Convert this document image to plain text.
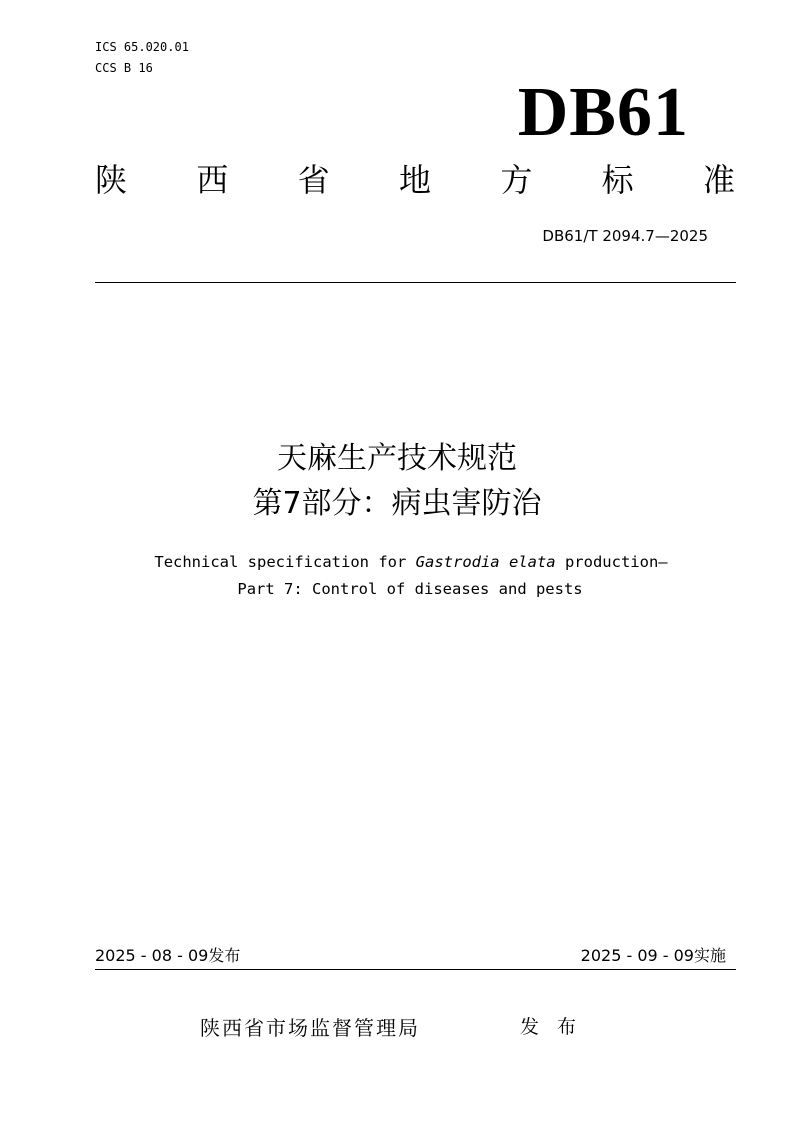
ICS 65.020.01
CCS B 16
DB61
陕 西 省 地 方 标 准
DB61/T 2094.7—2025
天麻生产技术规范
第7部分：病虫害防治
Technical specification for Gastrodia elata production—
Part 7: Control of diseases and pests
2025 - 08 - 09发布	2025 - 09 - 09实施
陕西省市场监督管理局	发 布
